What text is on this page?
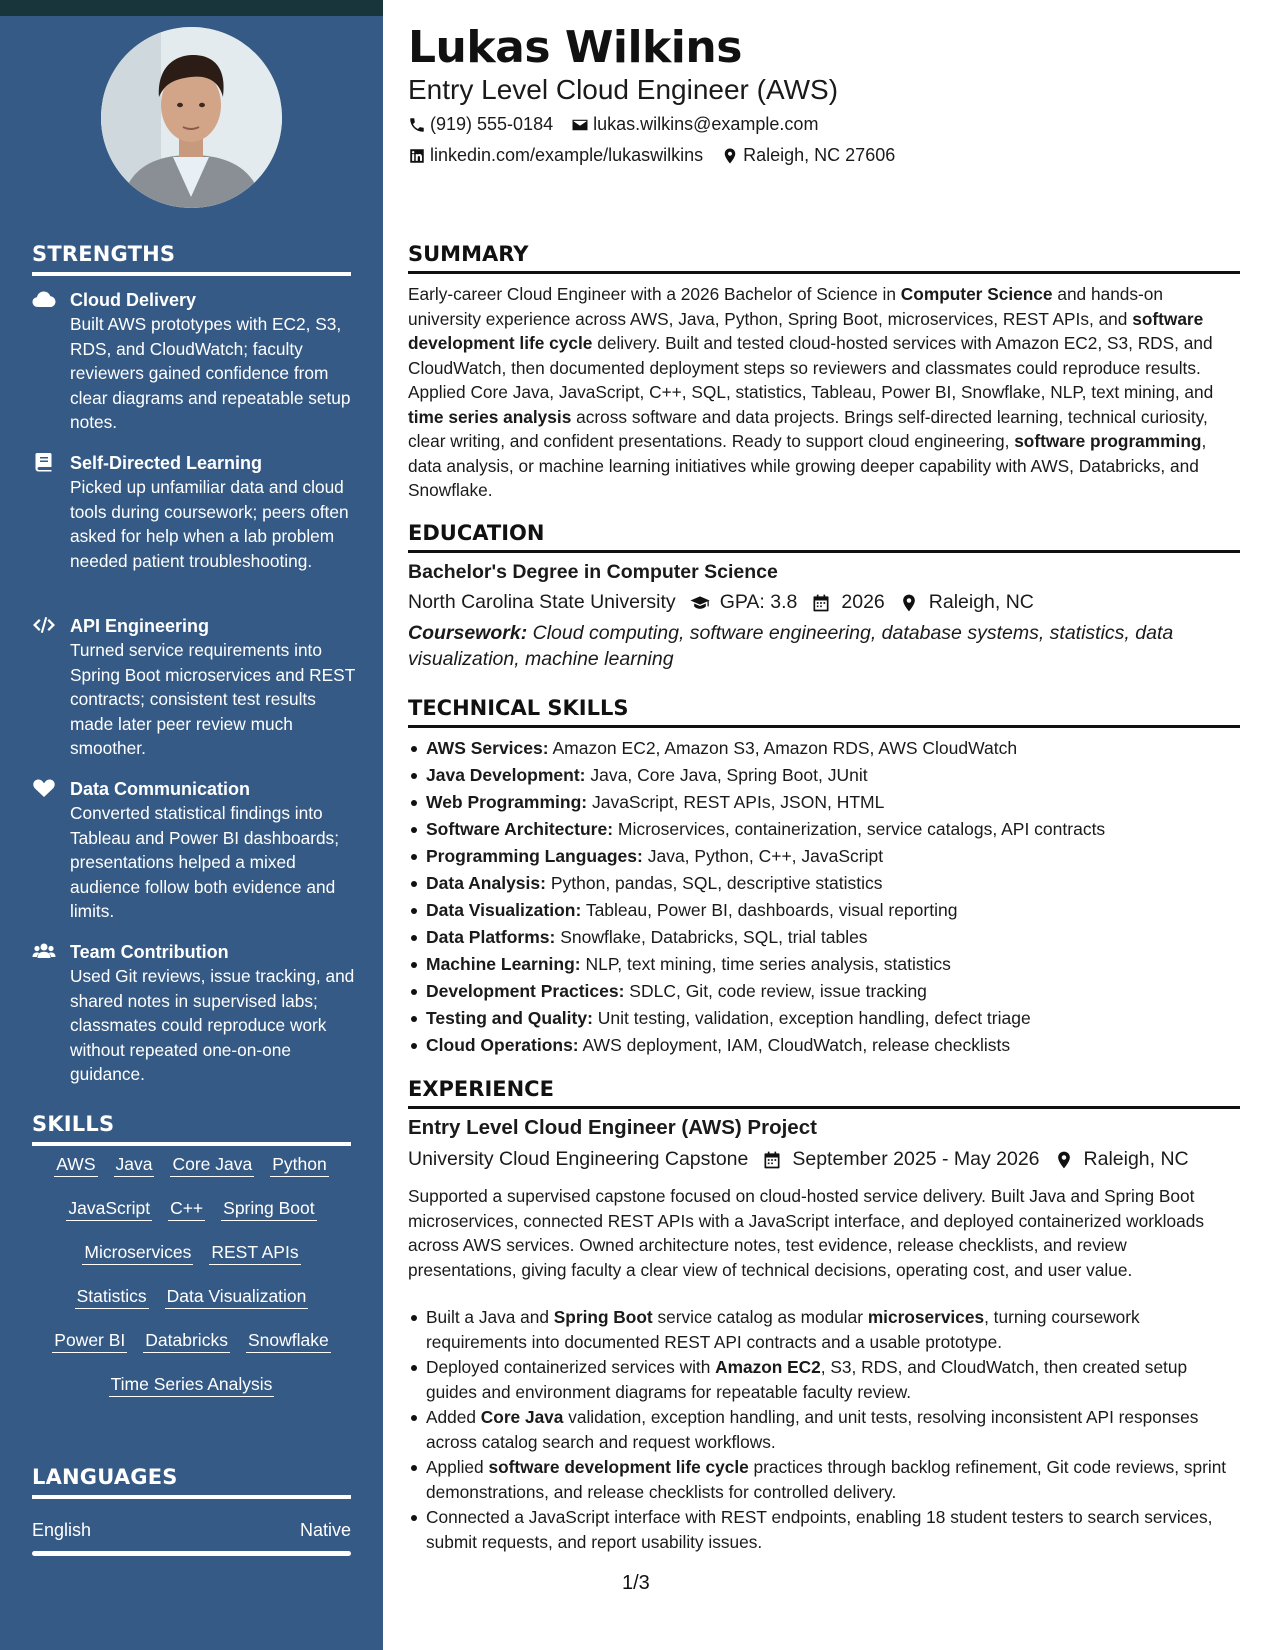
STRENGTHS
Cloud Delivery
Built AWS prototypes with EC2, S3, RDS, and CloudWatch; faculty reviewers gained confidence from clear diagrams and repeatable setup notes.
Self-Directed Learning
Picked up unfamiliar data and cloud tools during coursework; peers often asked for help when a lab problem needed patient troubleshooting.
API Engineering
Turned service requirements into Spring Boot microservices and REST contracts; consistent test results made later peer review much smoother.
Data Communication
Converted statistical findings into Tableau and Power BI dashboards; presentations helped a mixed audience follow both evidence and limits.
Team Contribution
Used Git reviews, issue tracking, and shared notes in supervised labs; classmates could reproduce work without repeated one-on-one guidance.
SKILLS
AWS Java Core Java Python
JavaScript C++ Spring Boot
Microservices REST APIs
Statistics Data Visualization
Power BI Databricks Snowflake
Time Series Analysis
LANGUAGES
English	Native
Lukas Wilkins
Entry Level Cloud Engineer (AWS)
(919) 555-0184 lukas.wilkins@example.com
linkedin.com/example/lukaswilkins Raleigh, NC 27606
SUMMARY

Early-career Cloud Engineer with a 2026 Bachelor of Science in Computer Science and hands-on university experience across AWS, Java, Python, Spring Boot, microservices, REST APIs, and software development life cycle delivery. Built and tested cloud-hosted services with Amazon EC2, S3, RDS, and CloudWatch, then documented deployment steps so reviewers and classmates could reproduce results. Applied Core Java, JavaScript, C++, SQL, statistics, Tableau, Power BI, Snowflake, NLP, text mining, and time series analysis across software and data projects. Brings self-directed learning, technical curiosity, clear writing, and confident presentations. Ready to support cloud engineering, software programming, data analysis, or machine learning initiatives while growing deeper capability with AWS, Databricks, and Snowflake.

EDUCATION
Bachelor's Degree in Computer Science
North Carolina State University GPA: 3.8 2026 Raleigh, NC
Coursework: Cloud computing, software engineering, database systems, statistics, data visualization, machine learning
TECHNICAL SKILLS
AWS Services: Amazon EC2, Amazon S3, Amazon RDS, AWS CloudWatch
Java Development: Java, Core Java, Spring Boot, JUnit
Web Programming: JavaScript, REST APIs, JSON, HTML
Software Architecture: Microservices, containerization, service catalogs, API contracts
Programming Languages: Java, Python, C++, JavaScript
Data Analysis: Python, pandas, SQL, descriptive statistics
Data Visualization: Tableau, Power BI, dashboards, visual reporting
Data Platforms: Snowflake, Databricks, SQL, trial tables
Machine Learning: NLP, text mining, time series analysis, statistics
Development Practices: SDLC, Git, code review, issue tracking
Testing and Quality: Unit testing, validation, exception handling, defect triage
Cloud Operations: AWS deployment, IAM, CloudWatch, release checklists
EXPERIENCE
Entry Level Cloud Engineer (AWS) Project
University Cloud Engineering Capstone September 2025 - May 2026 Raleigh, NC

Supported a supervised capstone focused on cloud-hosted service delivery. Built Java and Spring Boot microservices, connected REST APIs with a JavaScript interface, and deployed containerized workloads across AWS services. Owned architecture notes, test evidence, release checklists, and review presentations, giving faculty a clear view of technical decisions, operating cost, and user value.

Built a Java and Spring Boot service catalog as modular microservices, turning coursework requirements into documented REST API contracts and a usable prototype.
Deployed containerized services with Amazon EC2, S3, RDS, and CloudWatch, then created setup guides and environment diagrams for repeatable faculty review.
Added Core Java validation, exception handling, and unit tests, resolving inconsistent API responses across catalog search and request workflows.
Applied software development life cycle practices through backlog refinement, Git code reviews, sprint demonstrations, and release checklists for controlled delivery.
Connected a JavaScript interface with REST endpoints, enabling 18 student testers to search services, submit requests, and report usability issues.
1/3
